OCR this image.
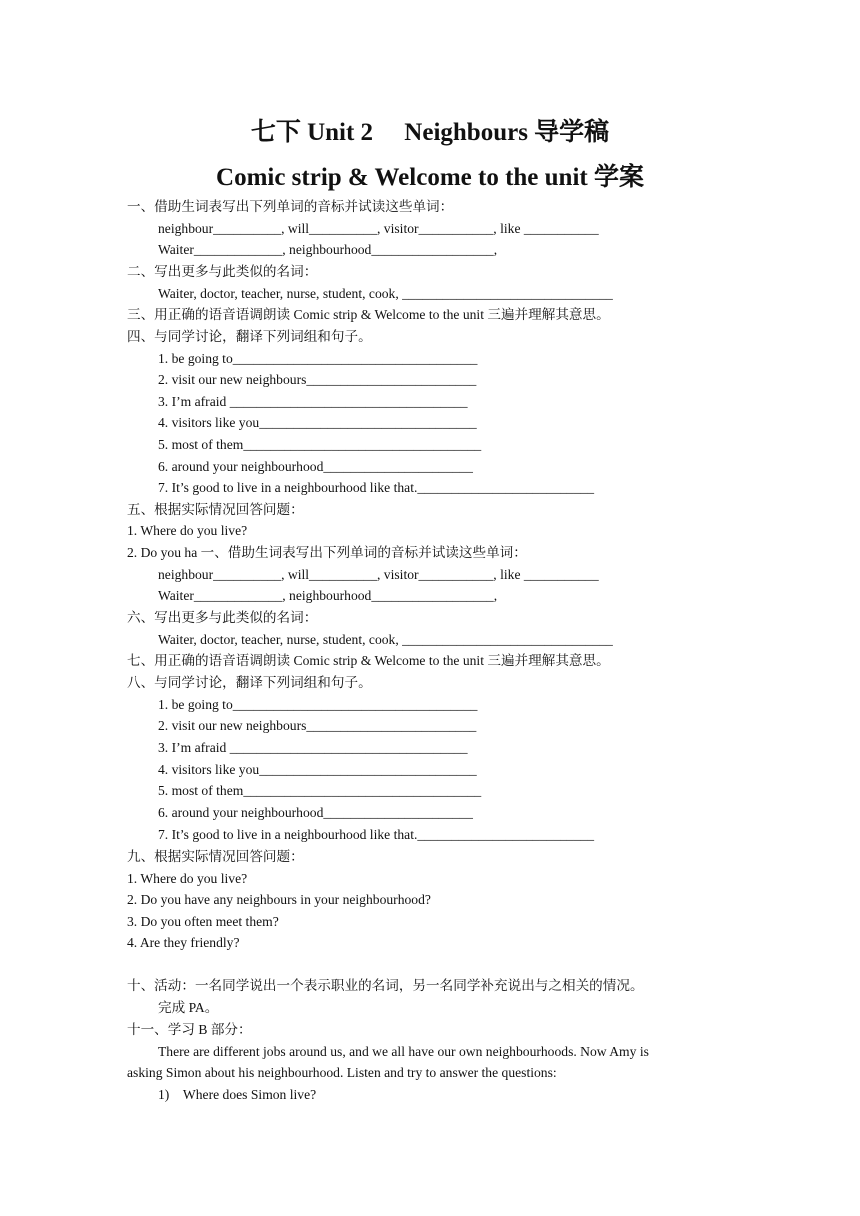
七下 Unit 2　 Neighbours 导学稿
Comic strip & Welcome to the unit 学案
一、借助生词表写出下列单词的音标并试读这些单词：
neighbour__________, will__________, visitor___________, like ___________
Waiter_____________, neighbourhood__________________,
二、写出更多与此类似的名词：
Waiter, doctor, teacher, nurse, student, cook, _______________________________
三、用正确的语音语调朗读 Comic strip & Welcome to the unit 三遍并理解其意思。
四、与同学讨论，翻译下列词组和句子。
1. be going to____________________________________
2. visit our new neighbours_________________________
3. I’m afraid ___________________________________
4. visitors like you________________________________
5. most of them___________________________________
6. around your neighbourhood______________________
7. It’s good to live in a neighbourhood like that.__________________________
五、根据实际情况回答问题：
1. Where do you live?
2. Do you ha 一、借助生词表写出下列单词的音标并试读这些单词：
neighbour__________, will__________, visitor___________, like ___________
Waiter_____________, neighbourhood__________________,
六、写出更多与此类似的名词：
Waiter, doctor, teacher, nurse, student, cook, _______________________________
七、用正确的语音语调朗读 Comic strip & Welcome to the unit 三遍并理解其意思。
八、与同学讨论，翻译下列词组和句子。
1. be going to____________________________________
2. visit our new neighbours_________________________
3. I’m afraid ___________________________________
4. visitors like you________________________________
5. most of them___________________________________
6. around your neighbourhood______________________
7. It’s good to live in a neighbourhood like that.__________________________
九、根据实际情况回答问题：
1. Where do you live?
2. Do you have any neighbours in your neighbourhood?
3. Do you often meet them?
4. Are they friendly?
十、活动：一名同学说出一个表示职业的名词，另一名同学补充说出与之相关的情况。
完成 PA。
十一、学习 B 部分：
There are different jobs around us, and we all have our own neighbourhoods. Now Amy is
asking Simon about his neighbourhood. Listen and try to answer the questions:
1)　Where does Simon live?
